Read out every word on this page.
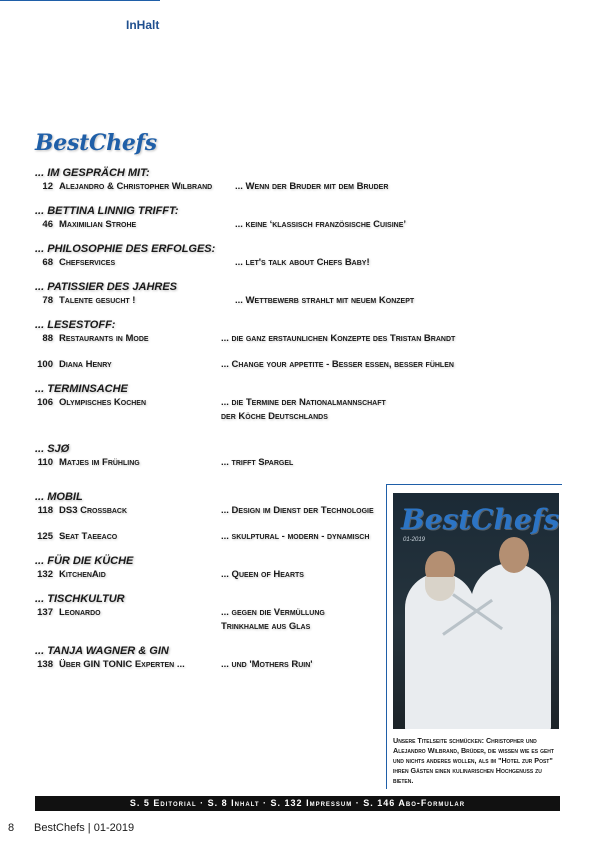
InHalt
BestChefs
... IM GESPRÄCH MIT:
12 Alejandro & Christopher Wilbrand ... Wenn der Bruder mit dem Bruder
... BETTINA LINNIG TRIFFT:
46 Maximilian Strohe	... keine ‘klassisch französische Cuisine’
... PHILOSOPHIE DES ERFOLGES:
68 Chefservices	... let's talk about Chefs Baby!
... PATISSIER DES JAHRES
78 Talente gesucht !	... Wettbewerb strahlt mit neuem Konzept
... LESESTOFF:
88 Restaurants in Mode	... die ganz erstaunlichen Konzepte des Tristan Brandt
100 Diana Henry	... Change your appetite - Besser essen, besser fühlen
... TERMINSACHE
106 Olympisches Kochen	... die Termine der Nationalmannschaft
der Köche Deutschlands
... SJØ
110 Matjes im Frühling	... trifft Spargel
... MOBIL
118 DS3 Crossback	... Design im Dienst der Technologie
125 Seat Taeeaco	... skulptural - modern - dynamisch
... FÜR DIE KÜCHE
132 KitchenAid	... Queen of Hearts
... TISCHKULTUR
137 Leonardo	... gegen die Vermüllung
Trinkhalme aus Glas
... TANJA WAGNER & GIN
138 Über GIN TONIC Experten ...	... und 'Mothers Ruin'
BestChefs
01-2019
Unsere Titelseite schmücken: Christopher und Alejandro Wilbrand, Brüder, die wissen wie es geht und nichts anderes wollen, als im "Hotel zur Post" ihren Gästen einen kulinarischen Hochgenuss zu bieten.
S. 5 Editorial · S. 8 Inhalt · S. 132 Impressum · S. 146 Abo-Formular
8 BestChefs | 01-2019
